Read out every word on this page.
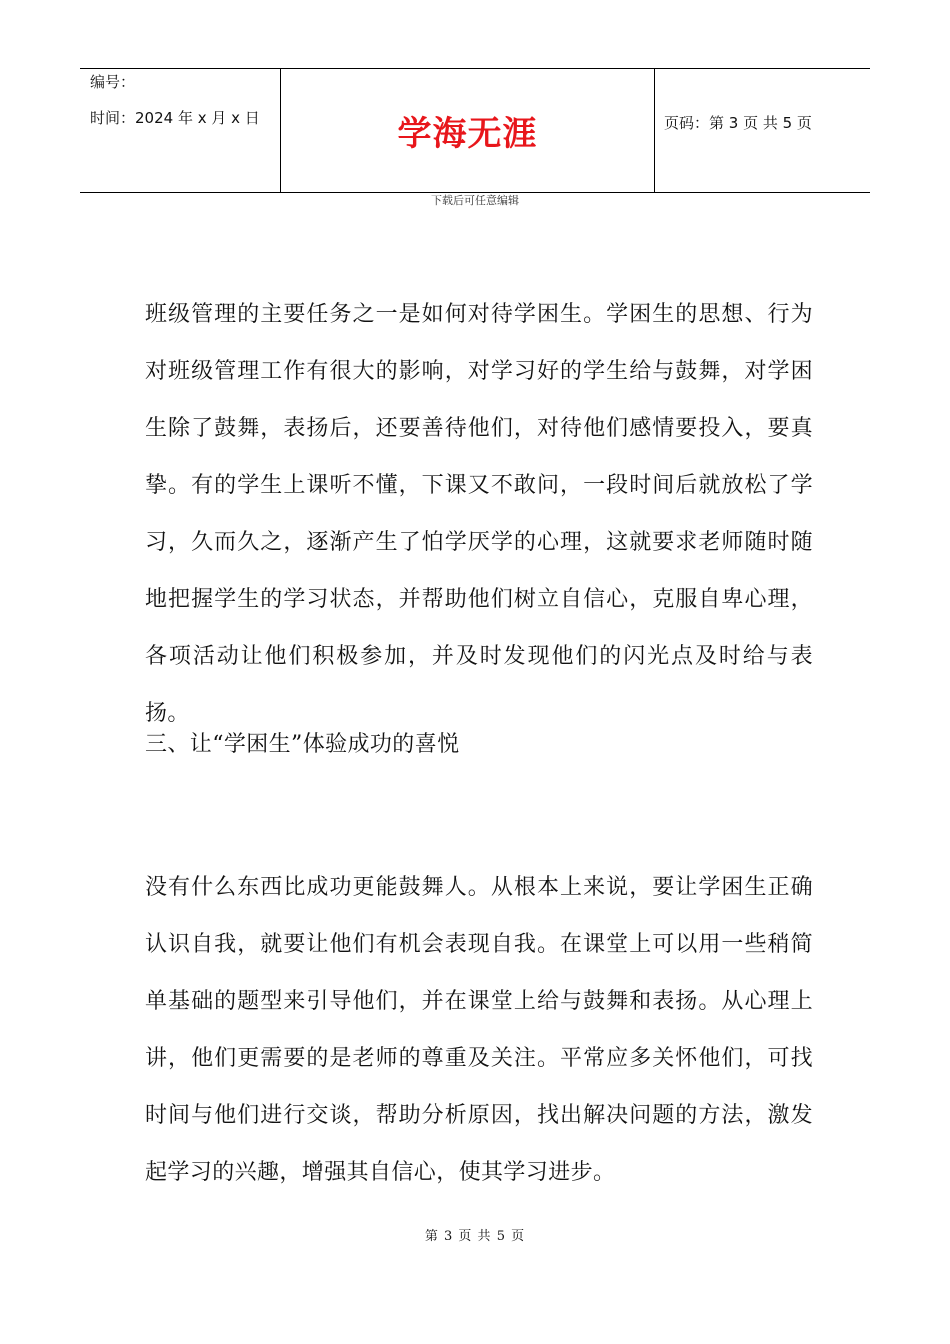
编号：
时间：2024 年 x 月 x 日	学海无涯	页码：第 3 页 共 5 页
下载后可任意编辑

班级管理的主要任务之一是如何对待学困生。学困生的思想、行为对班级管理工作有很大的影响，对学习好的学生给与鼓舞，对学困生除了鼓舞，表扬后，还要善待他们，对待他们感情要投入，要真挚。有的学生上课听不懂，下课又不敢问，一段时间后就放松了学习，久而久之，逐渐产生了怕学厌学的心理，这就要求老师随时随地把握学生的学习状态，并帮助他们树立自信心，克服自卑心理，各项活动让他们积极参加，并及时发现他们的闪光点及时给与表扬。

三、让“学困生”体验成功的喜悦

没有什么东西比成功更能鼓舞人。从根本上来说，要让学困生正确认识自我，就要让他们有机会表现自我。在课堂上可以用一些稍简单基础的题型来引导他们，并在课堂上给与鼓舞和表扬。从心理上讲，他们更需要的是老师的尊重及关注。平常应多关怀他们，可找时间与他们进行交谈，帮助分析原因，找出解决问题的方法，激发起学习的兴趣，增强其自信心，使其学习进步。

第 3 页 共 5 页
